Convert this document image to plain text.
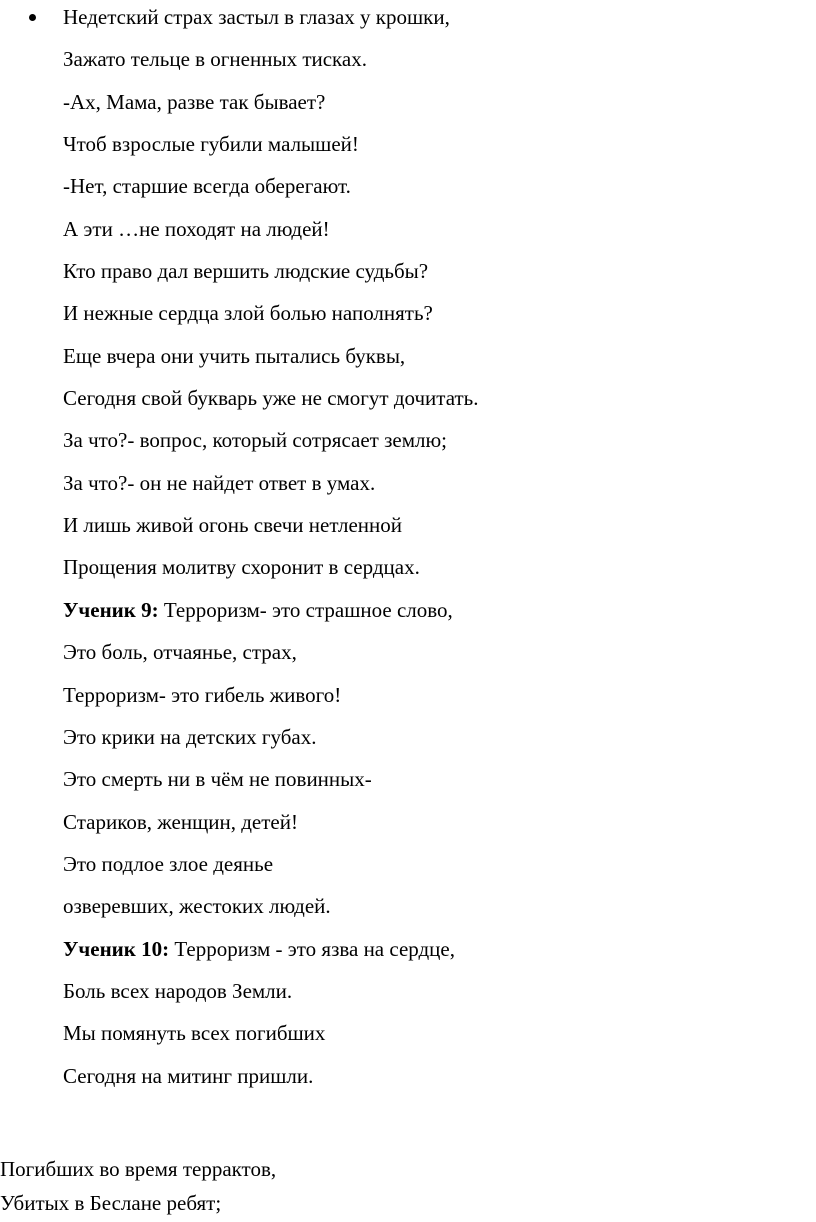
Недетский страх застыл в глазах у крошки,
Зажато тельце в огненных тисках.
-Ах, Мама, разве так бывает?
Чтоб взрослые губили малышей!
-Нет, старшие всегда оберегают.
А эти …не походят на людей!
Кто право дал вершить людские судьбы?
И нежные сердца злой болью наполнять?
Еще вчера они учить пытались буквы,
Сегодня свой букварь уже не смогут дочитать.
За что?- вопрос, который сотрясает землю;
За что?- он не найдет ответ в умах.
И лишь живой огонь свечи нетленной
Прощения молитву схоронит в сердцах.
Ученик 9: Терроризм- это страшное слово,
Это боль, отчаянье, страх,
Терроризм- это гибель живого!
Это крики на детских губах.
Это смерть ни в чём не повинных-
Стариков, женщин, детей!
Это подлое злое деянье
озверевших, жестоких людей.
Ученик 10: Терроризм - это язва на сердце,
Боль всех народов Земли.
Мы помянуть всех погибших
Сегодня на митинг пришли.
Погибших во время террактов,
Убитых в Беслане ребят;
